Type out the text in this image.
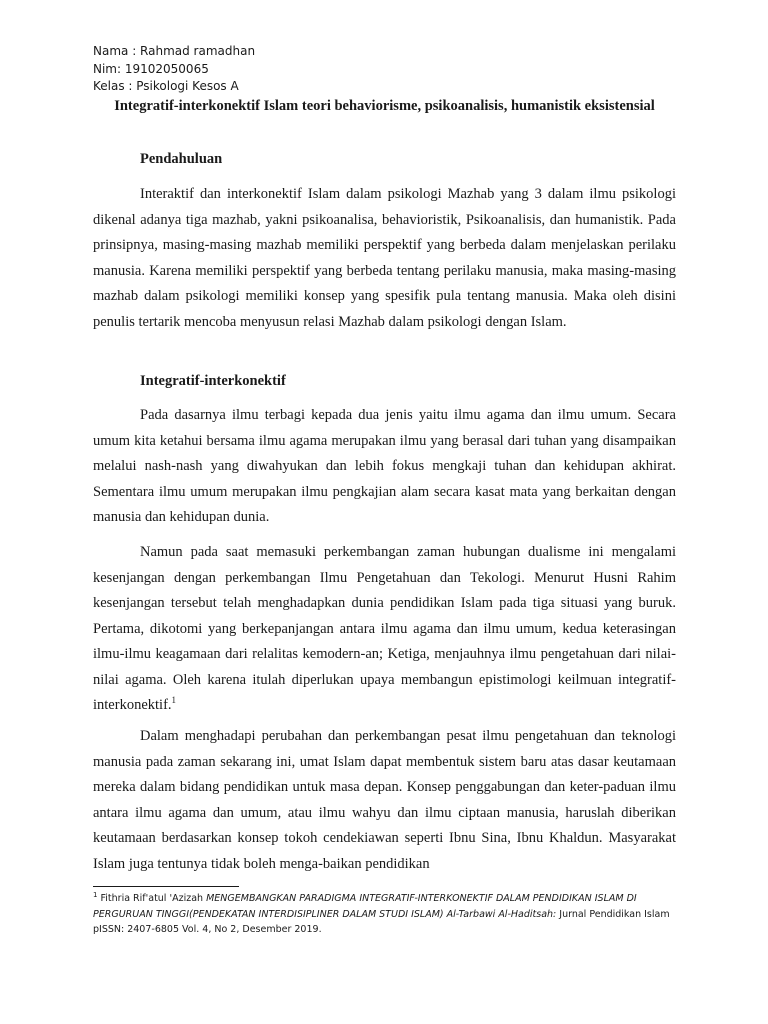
Nama : Rahmad ramadhan
Nim: 19102050065
Kelas : Psikologi Kesos A
Integratif-interkonektif Islam teori behaviorisme, psikoanalisis, humanistik eksistensial
Pendahuluan

Interaktif dan interkonektif Islam dalam psikologi Mazhab yang 3 dalam ilmu psikologi dikenal adanya tiga mazhab, yakni psikoanalisa, behavioristik, Psikoanalisis, dan humanistik. Pada prinsipnya, masing-masing mazhab memiliki perspektif yang berbeda dalam menjelaskan perilaku manusia. Karena memiliki perspektif yang berbeda tentang perilaku manusia, maka masing-masing mazhab dalam psikologi memiliki konsep yang spesifik pula tentang manusia. Maka oleh disini penulis tertarik mencoba menyusun relasi Mazhab dalam psikologi dengan Islam.

Integratif-interkonektif

Pada dasarnya ilmu terbagi kepada dua jenis yaitu ilmu agama dan ilmu umum. Secara umum kita ketahui bersama ilmu agama merupakan ilmu yang berasal dari tuhan yang disampaikan melalui nash-nash yang diwahyukan dan lebih fokus mengkaji tuhan dan kehidupan akhirat. Sementara ilmu umum merupakan ilmu pengkajian alam secara kasat mata yang berkaitan dengan manusia dan kehidupan dunia.

Namun pada saat memasuki perkembangan zaman hubungan dualisme ini mengalami kesenjangan dengan perkembangan Ilmu Pengetahuan dan Tekologi. Menurut Husni Rahim kesenjangan tersebut telah menghadapkan dunia pendidikan Islam pada tiga situasi yang buruk. Pertama, dikotomi yang berkepanjangan antara ilmu agama dan ilmu umum, kedua keterasingan ilmu-ilmu keagamaan dari relalitas kemodern-an; Ketiga, menjauhnya ilmu pengetahuan dari nilai-nilai agama. Oleh karena itulah diperlukan upaya membangun epistimologi keilmuan integratif-interkonektif.$^1$

Dalam menghadapi perubahan dan perkembangan pesat ilmu pengetahuan dan teknologi manusia pada zaman sekarang ini, umat Islam dapat membentuk sistem baru atas dasar keutamaan mereka dalam bidang pendidikan untuk masa depan. Konsep penggabungan dan keter-paduan ilmu antara ilmu agama dan umum, atau ilmu wahyu dan ilmu ciptaan manusia, haruslah diberikan keutamaan berdasarkan konsep tokoh cendekiawan seperti Ibnu Sina, Ibnu Khaldun. Masyarakat Islam juga tentunya tidak boleh menga-baikan pendidikan

$^1$ Fithria Rif'atul 'Azizah MENGEMBANGKAN PARADIGMA INTEGRATIF-INTERKONEKTIF DALAM PENDIDIKAN ISLAM DI PERGURUAN TINGGI(PENDEKATAN INTERDISIPLINER DALAM STUDI ISLAM) Al-Tarbawi Al-Haditsah: Jurnal Pendidikan Islam pISSN: 2407-6805 Vol. 4, No 2, Desember 2019.
